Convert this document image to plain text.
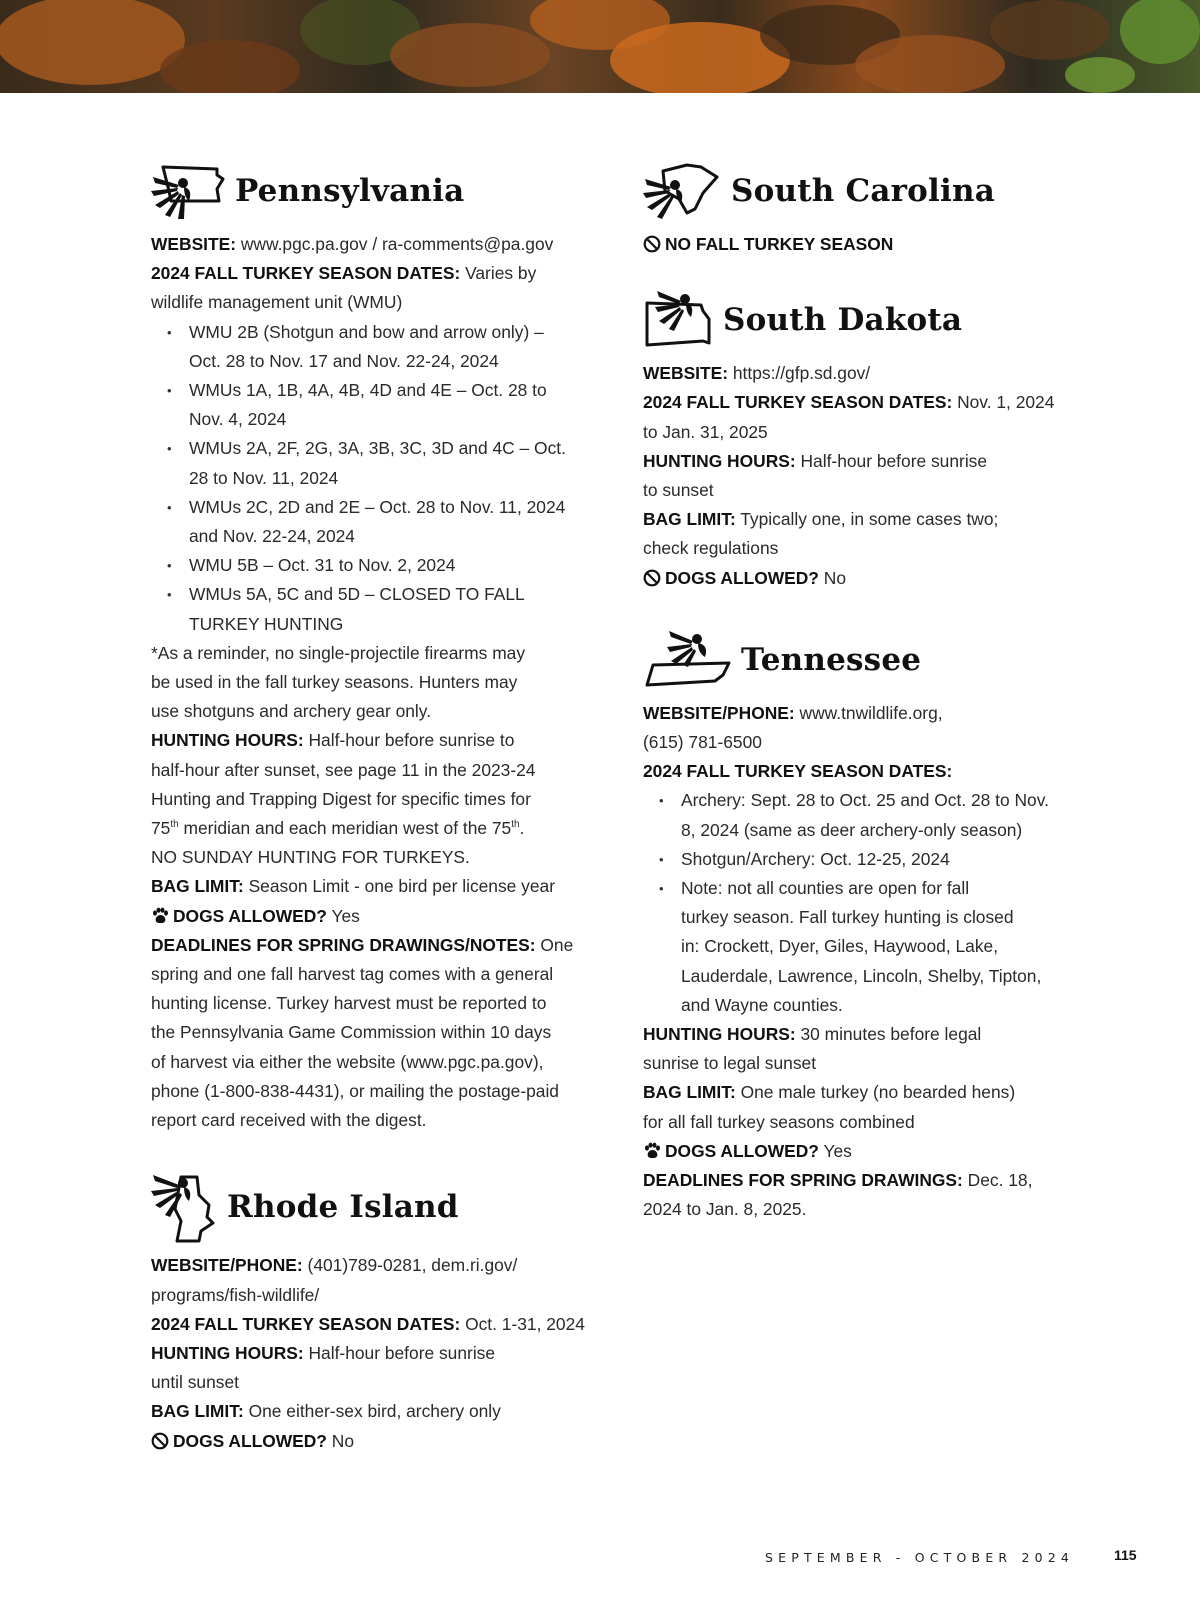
Pennsylvania
WEBSITE: www.pgc.pa.gov / ra-comments@pa.gov
2024 FALL TURKEY SEASON DATES: Varies by
wildlife management unit (WMU)
• WMU 2B (Shotgun and bow and arrow only) –
Oct. 28 to Nov. 17 and Nov. 22-24, 2024
• WMUs 1A, 1B, 4A, 4B, 4D and 4E – Oct. 28 to
Nov. 4, 2024
• WMUs 2A, 2F, 2G, 3A, 3B, 3C, 3D and 4C – Oct.
28 to Nov. 11, 2024
• WMUs 2C, 2D and 2E – Oct. 28 to Nov. 11, 2024
and Nov. 22-24, 2024
• WMU 5B – Oct. 31 to Nov. 2, 2024
• WMUs 5A, 5C and 5D – CLOSED TO FALL
TURKEY HUNTING
*As a reminder, no single-projectile firearms may
be used in the fall turkey seasons. Hunters may
use shotguns and archery gear only.
HUNTING HOURS: Half-hour before sunrise to
half-hour after sunset, see page 11 in the 2023-24
Hunting and Trapping Digest for specific times for
75th meridian and each meridian west of the 75th.
NO SUNDAY HUNTING FOR TURKEYS.
BAG LIMIT: Season Limit - one bird per license year
DOGS ALLOWED? Yes
DEADLINES FOR SPRING DRAWINGS/NOTES: One
spring and one fall harvest tag comes with a general
hunting license. Turkey harvest must be reported to
the Pennsylvania Game Commission within 10 days
of harvest via either the website (www.pgc.pa.gov),
phone (1-800-838-4431), or mailing the postage-paid
report card received with the digest.
Rhode Island
WEBSITE/PHONE: (401)789-0281, dem.ri.gov/
programs/fish-wildlife/
2024 FALL TURKEY SEASON DATES: Oct. 1-31, 2024
HUNTING HOURS: Half-hour before sunrise
until sunset
BAG LIMIT: One either-sex bird, archery only
DOGS ALLOWED? No
South Carolina
NO FALL TURKEY SEASON
South Dakota
WEBSITE: https://gfp.sd.gov/
2024 FALL TURKEY SEASON DATES: Nov. 1, 2024
to Jan. 31, 2025
HUNTING HOURS: Half-hour before sunrise
to sunset
BAG LIMIT: Typically one, in some cases two;
check regulations
DOGS ALLOWED? No
Tennessee
WEBSITE/PHONE: www.tnwildlife.org,
(615) 781-6500
2024 FALL TURKEY SEASON DATES:
• Archery: Sept. 28 to Oct. 25 and Oct. 28 to Nov.
8, 2024 (same as deer archery-only season)
• Shotgun/Archery: Oct. 12-25, 2024
• Note: not all counties are open for fall
turkey season. Fall turkey hunting is closed
in: Crockett, Dyer, Giles, Haywood, Lake,
Lauderdale, Lawrence, Lincoln, Shelby, Tipton,
and Wayne counties.
HUNTING HOURS: 30 minutes before legal
sunrise to legal sunset
BAG LIMIT: One male turkey (no bearded hens)
for all fall turkey seasons combined
DOGS ALLOWED? Yes
DEADLINES FOR SPRING DRAWINGS: Dec. 18,
2024 to Jan. 8, 2025.
SEPTEMBER - OCTOBER 2024	115
